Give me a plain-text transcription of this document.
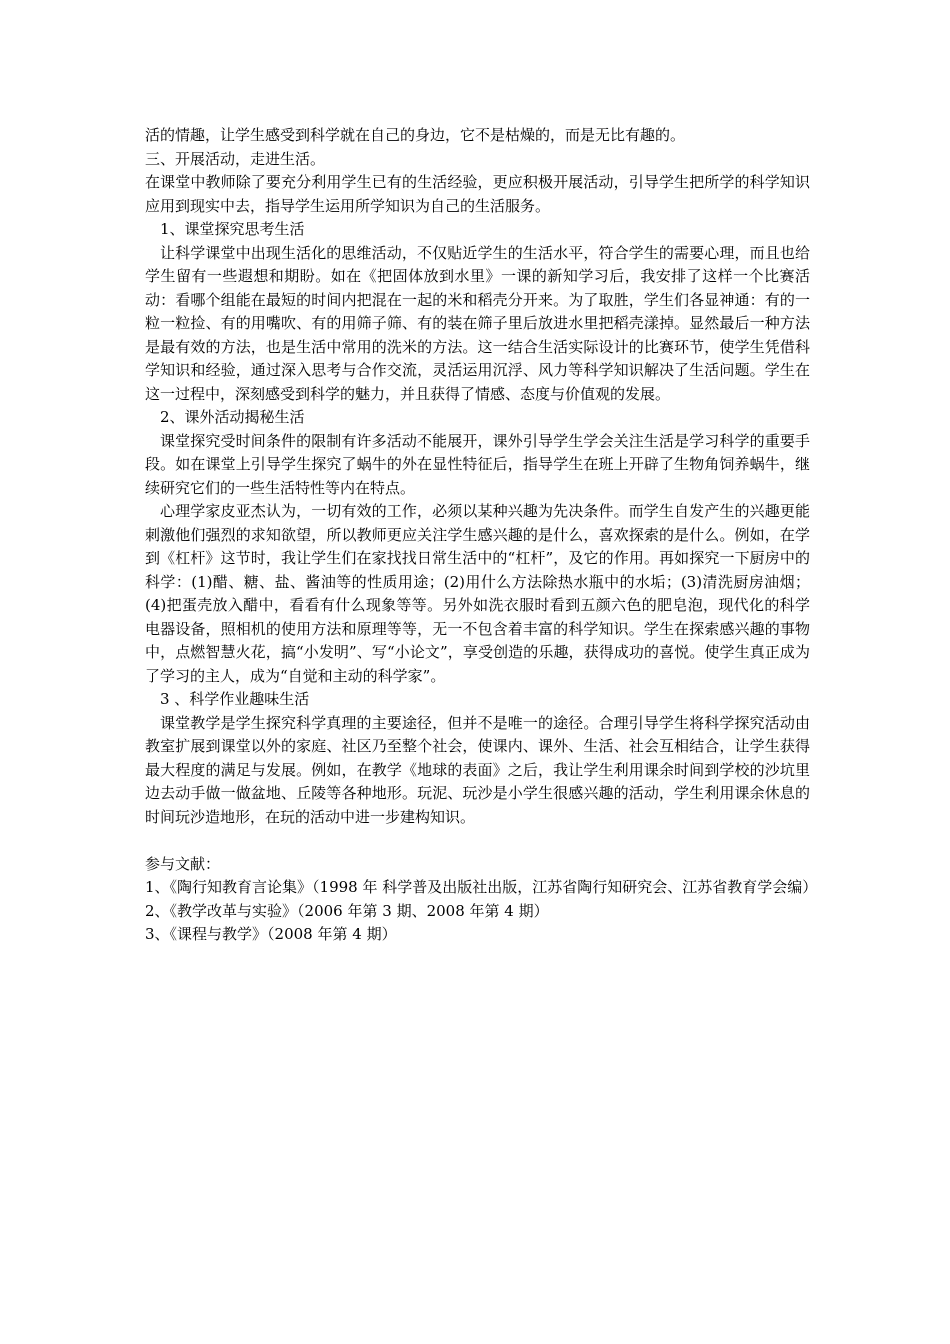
活的情趣，让学生感受到科学就在自己的身边，它不是枯燥的，而是无比有趣的。

三、开展活动，走进生活。

在课堂中教师除了要充分利用学生已有的生活经验，更应积极开展活动，引导学生把所学的科学知识应用到现实中去，指导学生运用所学知识为自己的生活服务。

1、课堂探究思考生活

让科学课堂中出现生活化的思维活动，不仅贴近学生的生活水平，符合学生的需要心理，而且也给学生留有一些遐想和期盼。如在《把固体放到水里》一课的新知学习后，我安排了这样一个比赛活动：看哪个组能在最短的时间内把混在一起的米和稻壳分开来。为了取胜，学生们各显神通：有的一粒一粒捡、有的用嘴吹、有的用筛子筛、有的装在筛子里后放进水里把稻壳漾掉。显然最后一种方法是最有效的方法，也是生活中常用的洗米的方法。这一结合生活实际设计的比赛环节，使学生凭借科学知识和经验，通过深入思考与合作交流，灵活运用沉浮、风力等科学知识解决了生活问题。学生在这一过程中，深刻感受到科学的魅力，并且获得了情感、态度与价值观的发展。

2、课外活动揭秘生活

课堂探究受时间条件的限制有许多活动不能展开，课外引导学生学会关注生活是学习科学的重要手段。如在课堂上引导学生探究了蜗牛的外在显性特征后，指导学生在班上开辟了生物角饲养蜗牛，继续研究它们的一些生活特性等内在特点。

心理学家皮亚杰认为，一切有效的工作，必须以某种兴趣为先决条件。而学生自发产生的兴趣更能刺激他们强烈的求知欲望，所以教师更应关注学生感兴趣的是什么，喜欢探索的是什么。例如，在学到《杠杆》这节时，我让学生们在家找找日常生活中的“杠杆”，及它的作用。再如探究一下厨房中的科学：(1)醋、糖、盐、酱油等的性质用途；(2)用什么方法除热水瓶中的水垢；(3)清洗厨房油烟；(4)把蛋壳放入醋中，看看有什么现象等等。另外如洗衣服时看到五颜六色的肥皂泡，现代化的科学电器设备，照相机的使用方法和原理等等，无一不包含着丰富的科学知识。学生在探索感兴趣的事物中，点燃智慧火花，搞“小发明”、写“小论文”，享受创造的乐趣，获得成功的喜悦。使学生真正成为了学习的主人，成为“自觉和主动的科学家”。

3 、科学作业趣味生活

课堂教学是学生探究科学真理的主要途径，但并不是唯一的途径。合理引导学生将科学探究活动由教室扩展到课堂以外的家庭、社区乃至整个社会，使课内、课外、生活、社会互相结合，让学生获得最大程度的满足与发展。例如，在教学《地球的表面》之后，我让学生利用课余时间到学校的沙坑里边去动手做一做盆地、丘陵等各种地形。玩泥、玩沙是小学生很感兴趣的活动，学生利用课余休息的时间玩沙造地形，在玩的活动中进一步建构知识。

参与文献：

1、《陶行知教育言论集》（1998 年 科学普及出版社出版，江苏省陶行知研究会、江苏省教育学会编）

2、《教学改革与实验》（2006 年第 3 期、2008 年第 4 期）

3、《课程与教学》（2008 年第 4 期）
